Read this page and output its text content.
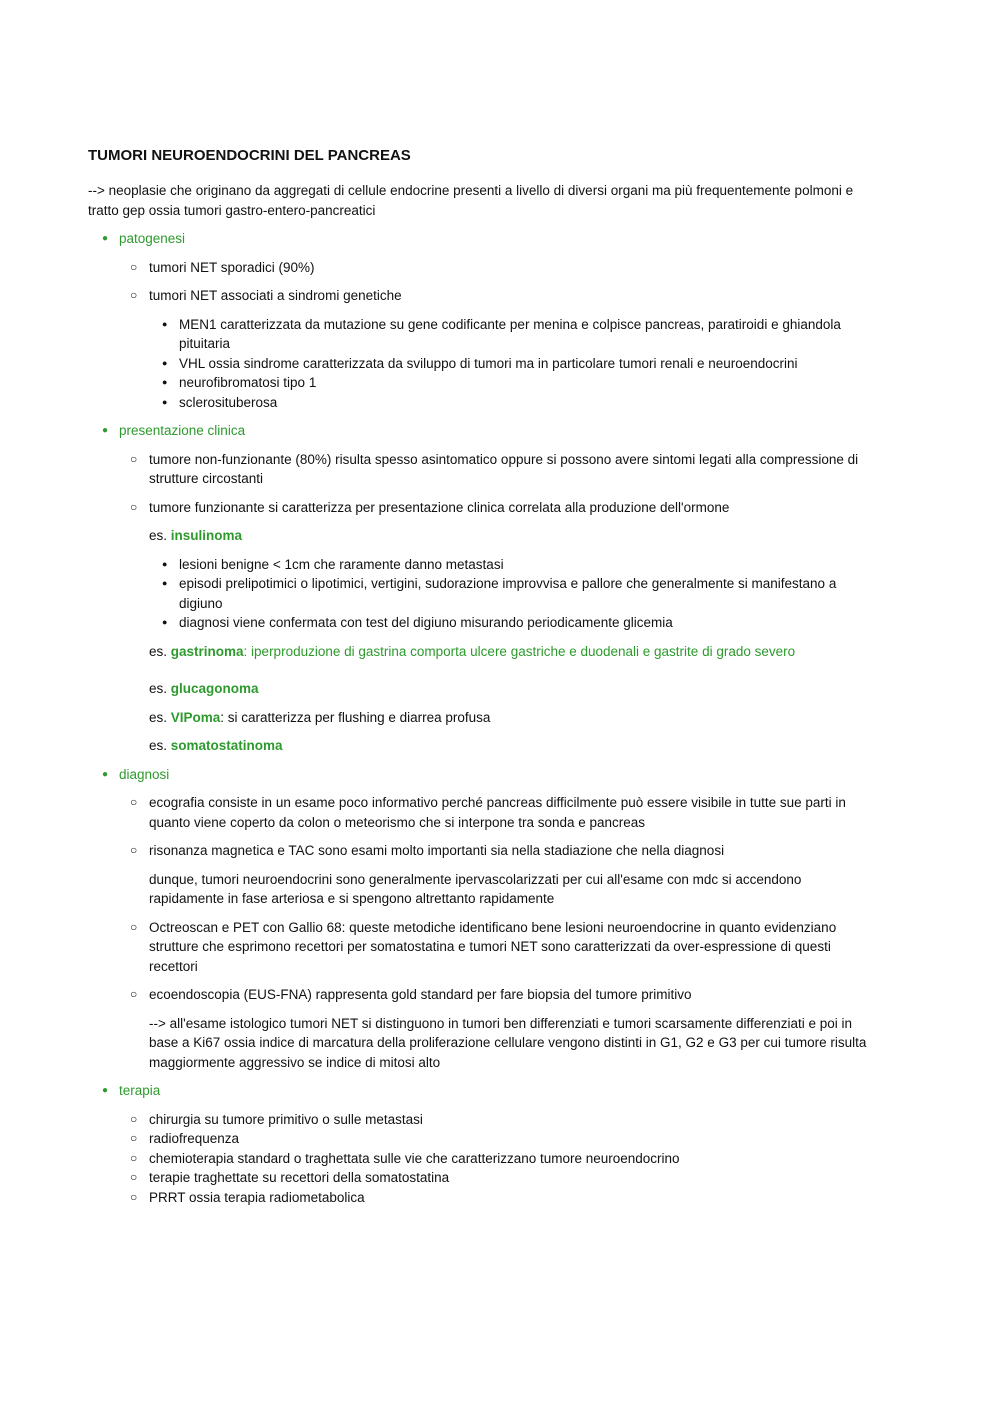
TUMORI NEUROENDOCRINI DEL PANCREAS

--> neoplasie che originano da aggregati di cellule endocrine presenti a livello di diversi organi ma più frequentemente polmoni e tratto gep ossia tumori gastro-entero-pancreatici

● patogenesi
○ tumori NET sporadici (90%)
○ tumori NET associati a sindromi genetiche
● MEN1 caratterizzata da mutazione su gene codificante per menina e colpisce pancreas, paratiroidi e ghiandola pituitaria
● VHL ossia sindrome caratterizzata da sviluppo di tumori ma in particolare tumori renali e neuroendocrini
● neurofibromatosi tipo 1
● sclerosituberosa
● presentazione clinica
○ tumore non-funzionante (80%) risulta spesso asintomatico oppure si possono avere sintomi legati alla compressione di strutture circostanti
○ tumore funzionante si caratterizza per presentazione clinica correlata alla produzione dell'ormone

es. insulinoma

● lesioni benigne < 1cm che raramente danno metastasi
● episodi prelipotimici o lipotimici, vertigini, sudorazione improvvisa e pallore che generalmente si manifestano a digiuno
● diagnosi viene confermata con test del digiuno misurando periodicamente glicemia

es. gastrinoma: iperproduzione di gastrina comporta ulcere gastriche e duodenali e gastrite di grado severo

es. glucagonoma

es. VIPoma: si caratterizza per flushing e diarrea profusa

es. somatostatinoma

● diagnosi
○ ecografia consiste in un esame poco informativo perché pancreas difficilmente può essere visibile in tutte sue parti in quanto viene coperto da colon o meteorismo che si interpone tra sonda e pancreas
○ risonanza magnetica e TAC sono esami molto importanti sia nella stadiazione che nella diagnosi

dunque, tumori neuroendocrini sono generalmente ipervascolarizzati per cui all'esame con mdc si accendono rapidamente in fase arteriosa e si spengono altrettanto rapidamente

○ Octreoscan e PET con Gallio 68: queste metodiche identificano bene lesioni neuroendocrine in quanto evidenziano strutture che esprimono recettori per somatostatina e tumori NET sono caratterizzati da over-espressione di questi recettori
○ ecoendoscopia (EUS-FNA) rappresenta gold standard per fare biopsia del tumore primitivo

--> all'esame istologico tumori NET si distinguono in tumori ben differenziati e tumori scarsamente differenziati e poi in base a Ki67 ossia indice di marcatura della proliferazione cellulare vengono distinti in G1, G2 e G3 per cui tumore risulta maggiormente aggressivo se indice di mitosi alto

● terapia
○ chirurgia su tumore primitivo o sulle metastasi
○ radiofrequenza
○ chemioterapia standard o traghettata sulle vie che caratterizzano tumore neuroendocrino
○ terapie traghettate su recettori della somatostatina
○ PRRT ossia terapia radiometabolica
